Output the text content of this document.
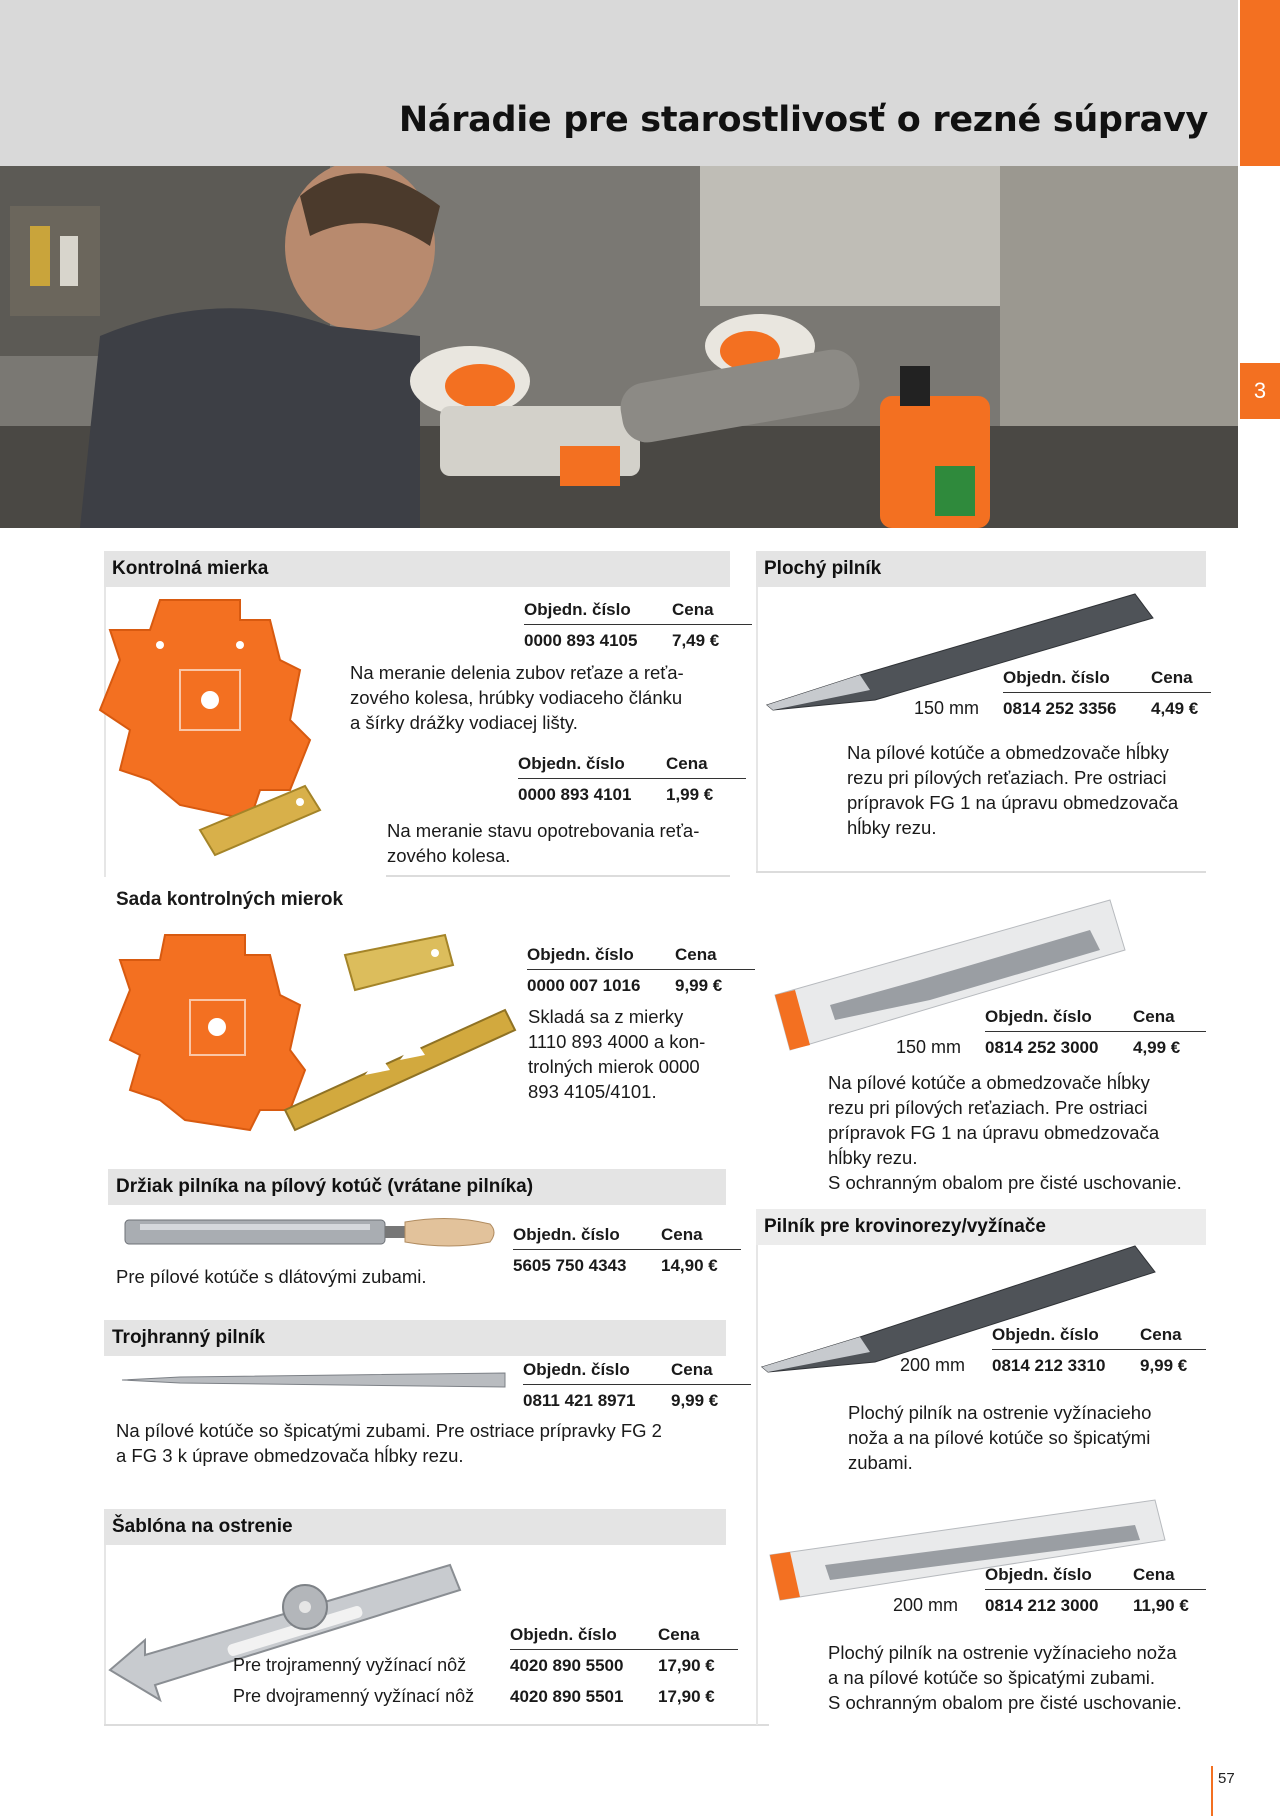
Náradie pre starostlivosť o rezné súpravy
3
Kontrolná mierka
Objedn. číslo	Cena
0000 893 4105	7,49 €
Na meranie delenia zubov reťaze a reťa-
zového kolesa, hrúbky vodiaceho článku
a šírky drážky vodiacej lišty.
Objedn. číslo	Cena
0000 893 4101	1,99 €
Na meranie stavu opotrebovania reťa-
zového kolesa.
Sada kontrolných mierok
Objedn. číslo	Cena
0000 007 1016	9,99 €
Skladá sa z mierky
1110 893 4000 a kon-
trolných mierok 0000
893 4105/4101.
Držiak pilníka na pílový kotúč (vrátane pilníka)
Pre pílové kotúče s dlátovými zubami.
Objedn. číslo	Cena
5605 750 4343	14,90 €
Trojhranný pilník
Objedn. číslo	Cena
0811 421 8971	9,99 €
Na pílové kotúče so špicatými zubami. Pre ostriace prípravky FG 2
a FG 3 k úprave obmedzovača hĺbky rezu.
Šablóna na ostrenie
Objedn. číslo	Cena
Pre trojramenný vyžínací nôž	4020 890 5500	17,90 €
Pre dvojramenný vyžínací nôž 4020 890 5501	17,90 €
Plochý pilník
Objedn. číslo	Cena
150 mm 0814 252 3356	4,49 €
Na pílové kotúče a obmedzovače hĺbky
rezu pri pílových reťaziach. Pre ostriaci
prípravok FG 1 na úpravu obmedzovača
hĺbky rezu.
Objedn. číslo	Cena
150 mm 0814 252 3000	4,99 €
Na pílové kotúče a obmedzovače hĺbky
rezu pri pílových reťaziach. Pre ostriaci
prípravok FG 1 na úpravu obmedzovača
hĺbky rezu.
S ochranným obalom pre čisté uschovanie.
Pilník pre krovinorezy/vyžínače
Objedn. číslo	Cena
200 mm 0814 212 3310	9,99 €
Plochý pilník na ostrenie vyžínacieho
noža a na pílové kotúče so špicatými
zubami.
Objedn. číslo	Cena
200 mm 0814 212 3000	11,90 €
Plochý pilník na ostrenie vyžínacieho noža
a na pílové kotúče so špicatými zubami.
S ochranným obalom pre čisté uschovanie.
57
